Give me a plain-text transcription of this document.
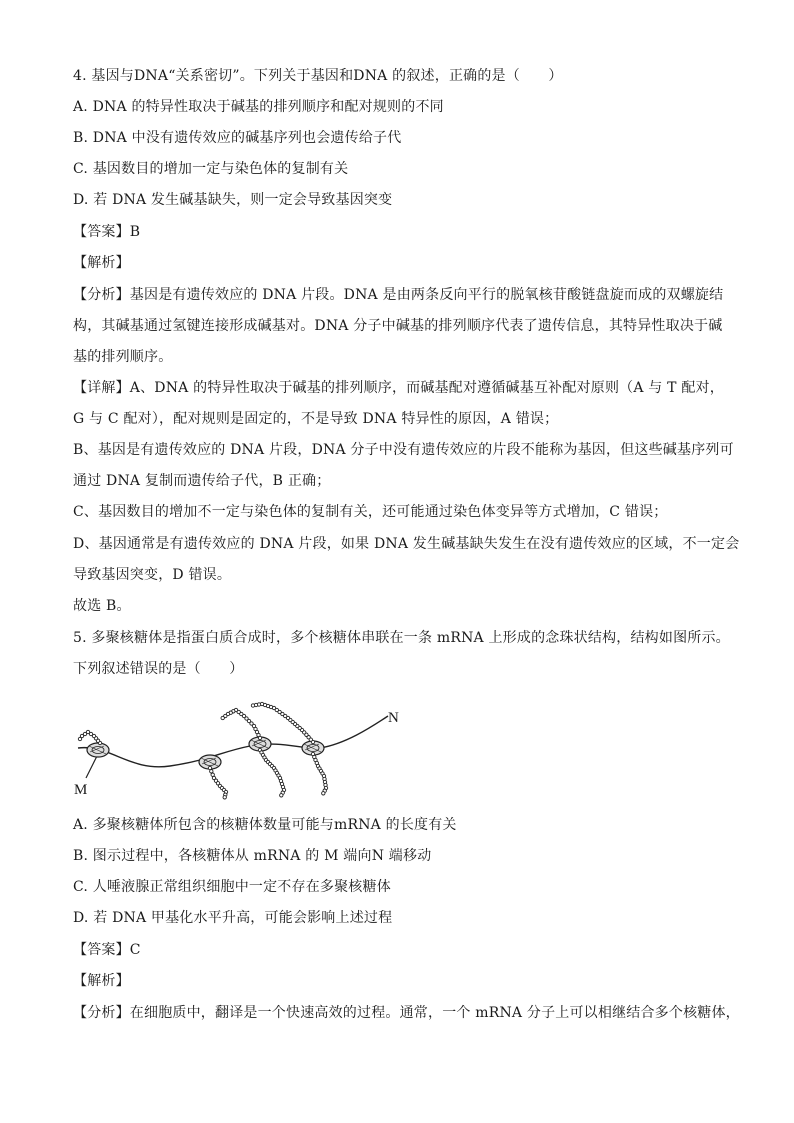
4. 基因与DNA“关系密切”。下列关于基因和DNA 的叙述，正确的是（　　）
A. DNA 的特异性取决于碱基的排列顺序和配对规则的不同
B. DNA 中没有遗传效应的碱基序列也会遗传给子代
C. 基因数目的增加一定与染色体的复制有关
D. 若 DNA 发生碱基缺失，则一定会导致基因突变
【答案】B
【解析】
【分析】基因是有遗传效应的 DNA 片段。DNA 是由两条反向平行的脱氧核苷酸链盘旋而成的双螺旋结
构，其碱基通过氢键连接形成碱基对。DNA 分子中碱基的排列顺序代表了遗传信息，其特异性取决于碱
基的排列顺序。
【详解】A、DNA 的特异性取决于碱基的排列顺序，而碱基配对遵循碱基互补配对原则（A 与 T 配对，
G 与 C 配对），配对规则是固定的，不是导致 DNA 特异性的原因，A 错误；
B、基因是有遗传效应的 DNA 片段，DNA 分子中没有遗传效应的片段不能称为基因，但这些碱基序列可
通过 DNA 复制而遗传给子代，B 正确；
C、基因数目的增加不一定与染色体的复制有关，还可能通过染色体变异等方式增加，C 错误；
D、基因通常是有遗传效应的 DNA 片段，如果 DNA 发生碱基缺失发生在没有遗传效应的区域，不一定会
导致基因突变，D 错误。
故选 B。
5. 多聚核糖体是指蛋白质合成时，多个核糖体串联在一条 mRNA 上形成的念珠状结构，结构如图所示。
下列叙述错误的是（　　）
M
N
A. 多聚核糖体所包含的核糖体数量可能与mRNA 的长度有关
B. 图示过程中，各核糖体从 mRNA 的 M 端向N 端移动
C. 人唾液腺正常组织细胞中一定不存在多聚核糖体
D. 若 DNA 甲基化水平升高，可能会影响上述过程
【答案】C
【解析】
【分析】在细胞质中，翻译是一个快速高效的过程。通常，一个 mRNA 分子上可以相继结合多个核糖体，
